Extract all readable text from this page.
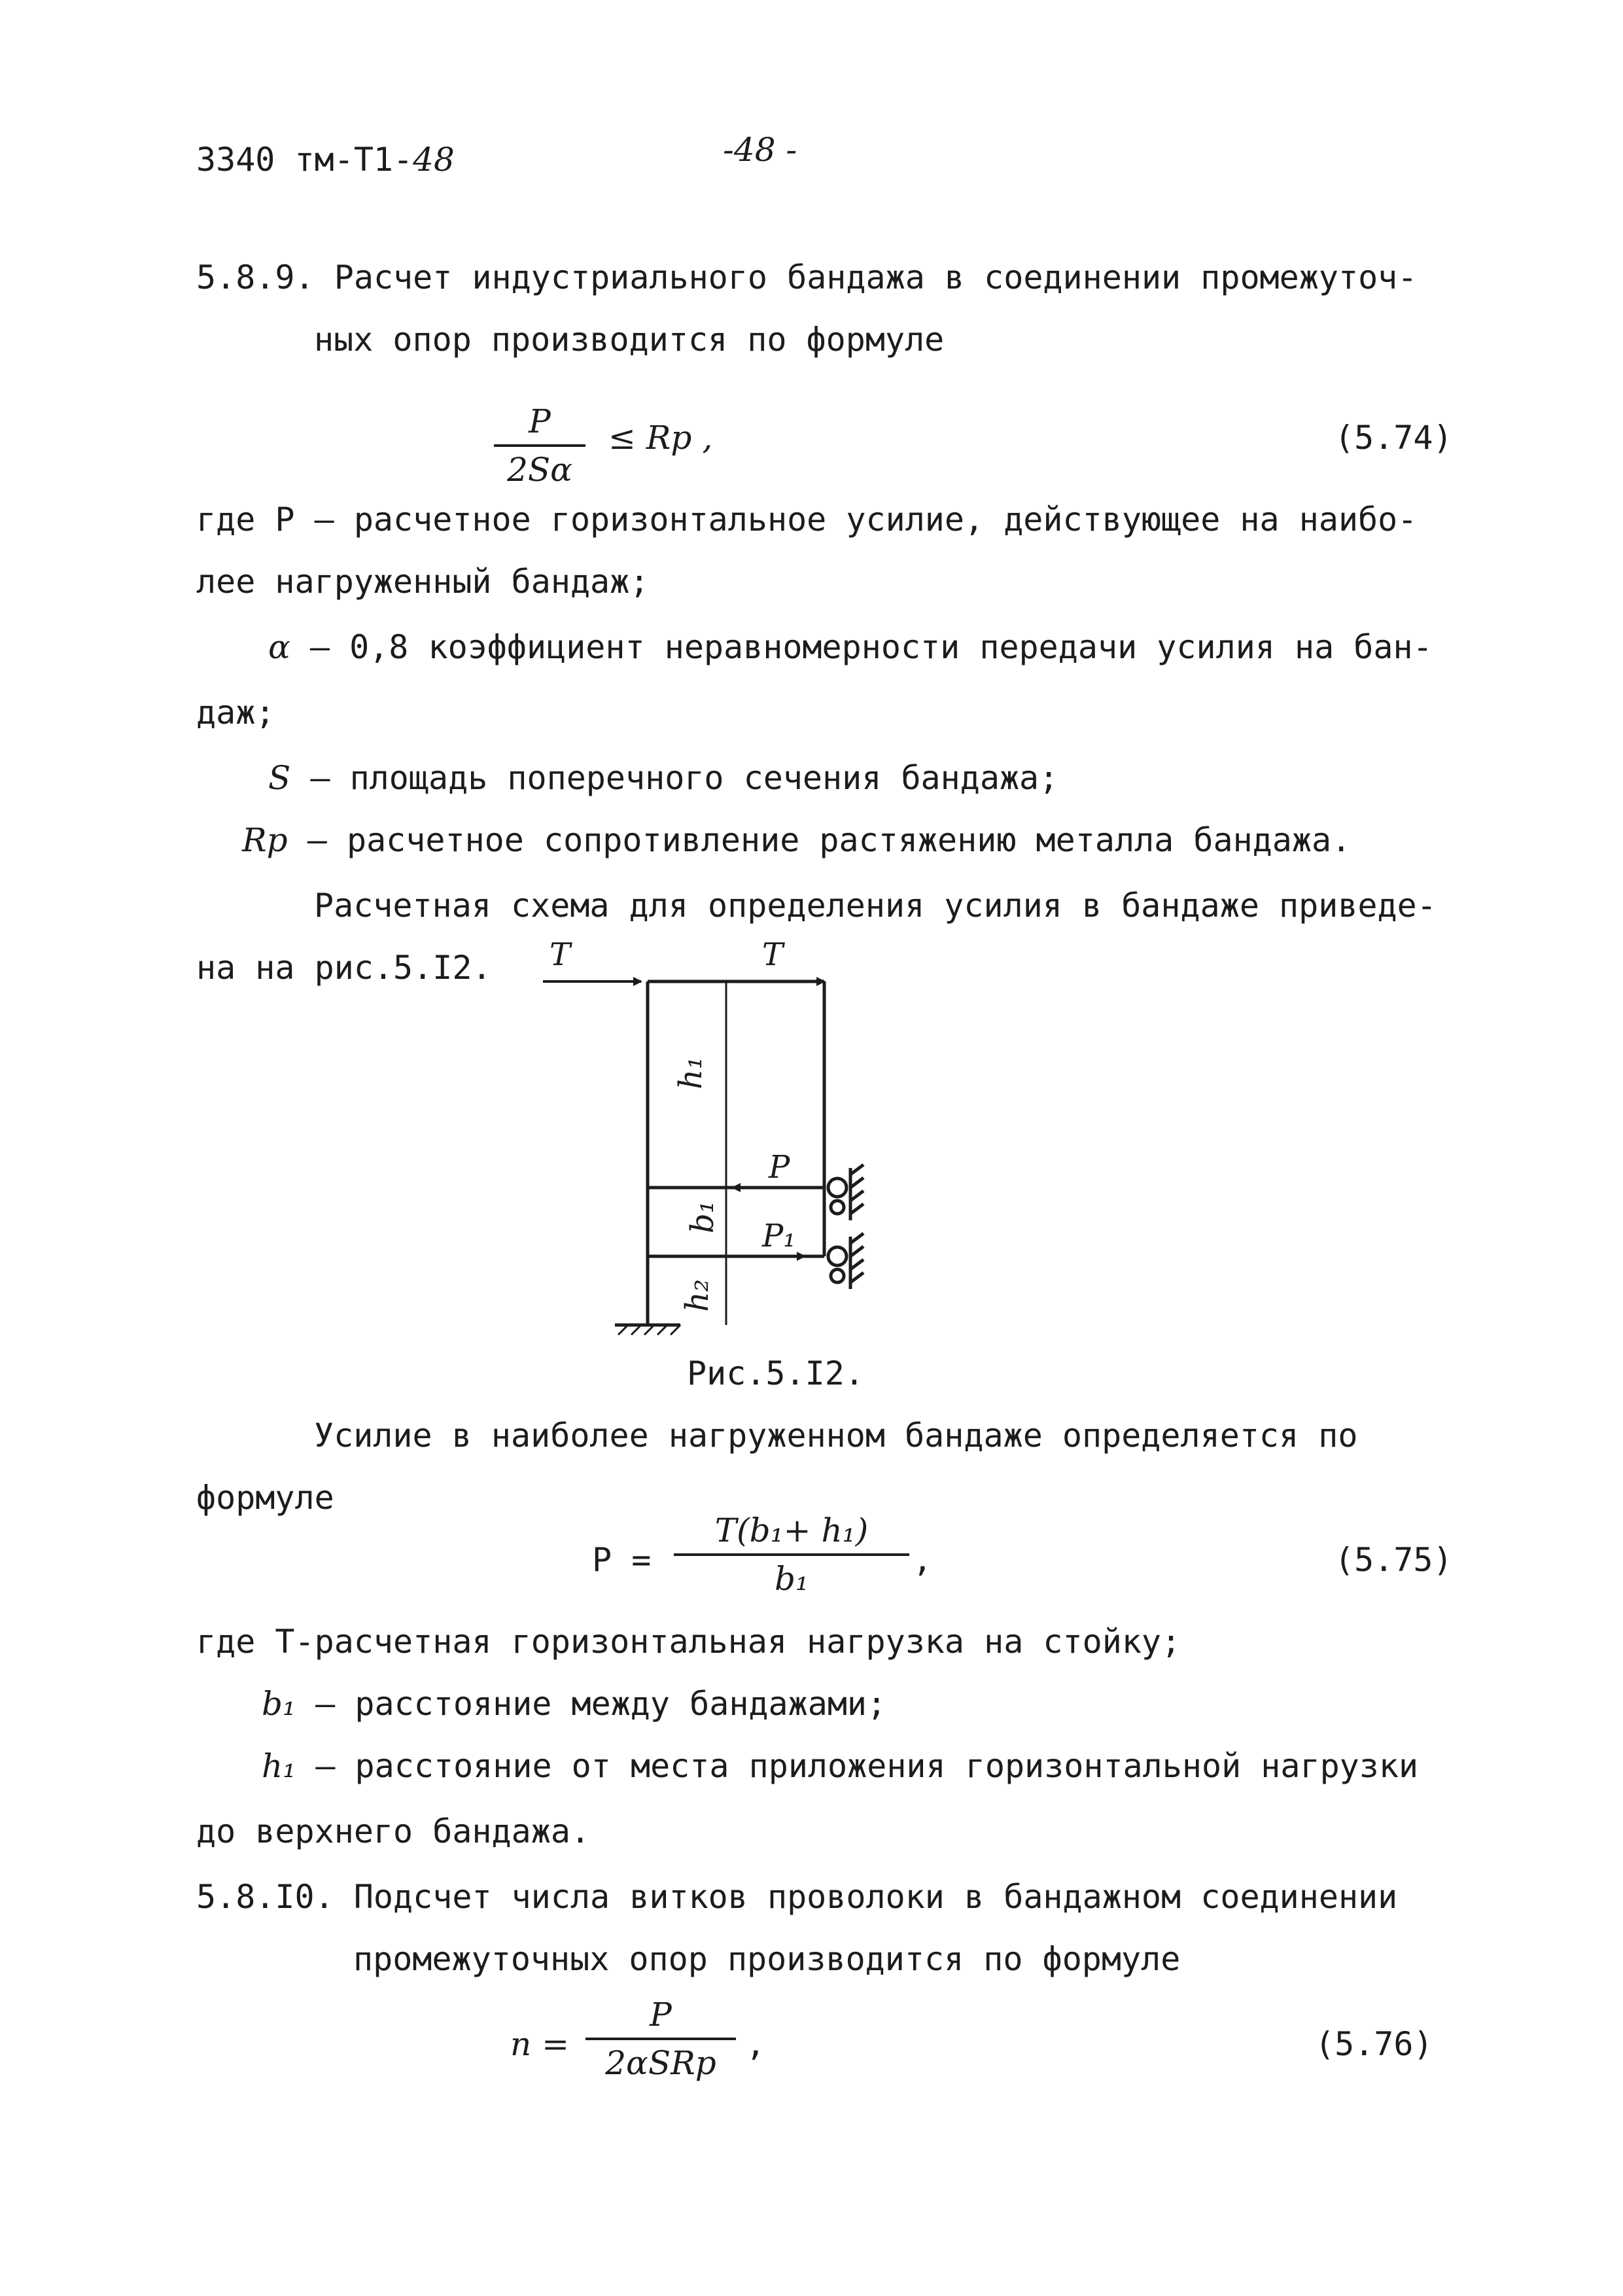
3340 тм-Т1-48	-48 -
5.8.9. Расчет индустриального бандажа в соединении промежуточ-
ных опор производится по формуле
P
2Sα
≤ Rp ,	(5.74)
где P – расчетное горизонтальное усилие, действующее на наибо-
лее нагруженный бандаж;
α – 0,8 коэффициент неравномерности передачи усилия на бан-
даж;
S – площадь поперечного сечения бандажа;
Rp – расчетное сопротивление растяжению металла бандажа.
Расчетная схема для определения усилия в бандаже приведе-
на на рис.5.I2. T	T
h₁
P
b₁
P₁
h₂
Рис.5.I2.
Усилие в наиболее нагруженном бандаже определяется по
формуле
P =
T(b₁+ h₁)
b₁	,	(5.75)
где T-расчетная горизонтальная нагрузка на стойку;
b₁ – расстояние между бандажами;
h₁ – расстояние от места приложения горизонтальной нагрузки
до верхнего бандажа.
5.8.I0. Подсчет числа витков проволоки в бандажном соединении
промежуточных опор производится по формуле
n =
P
2αSRp ,	(5.76)
